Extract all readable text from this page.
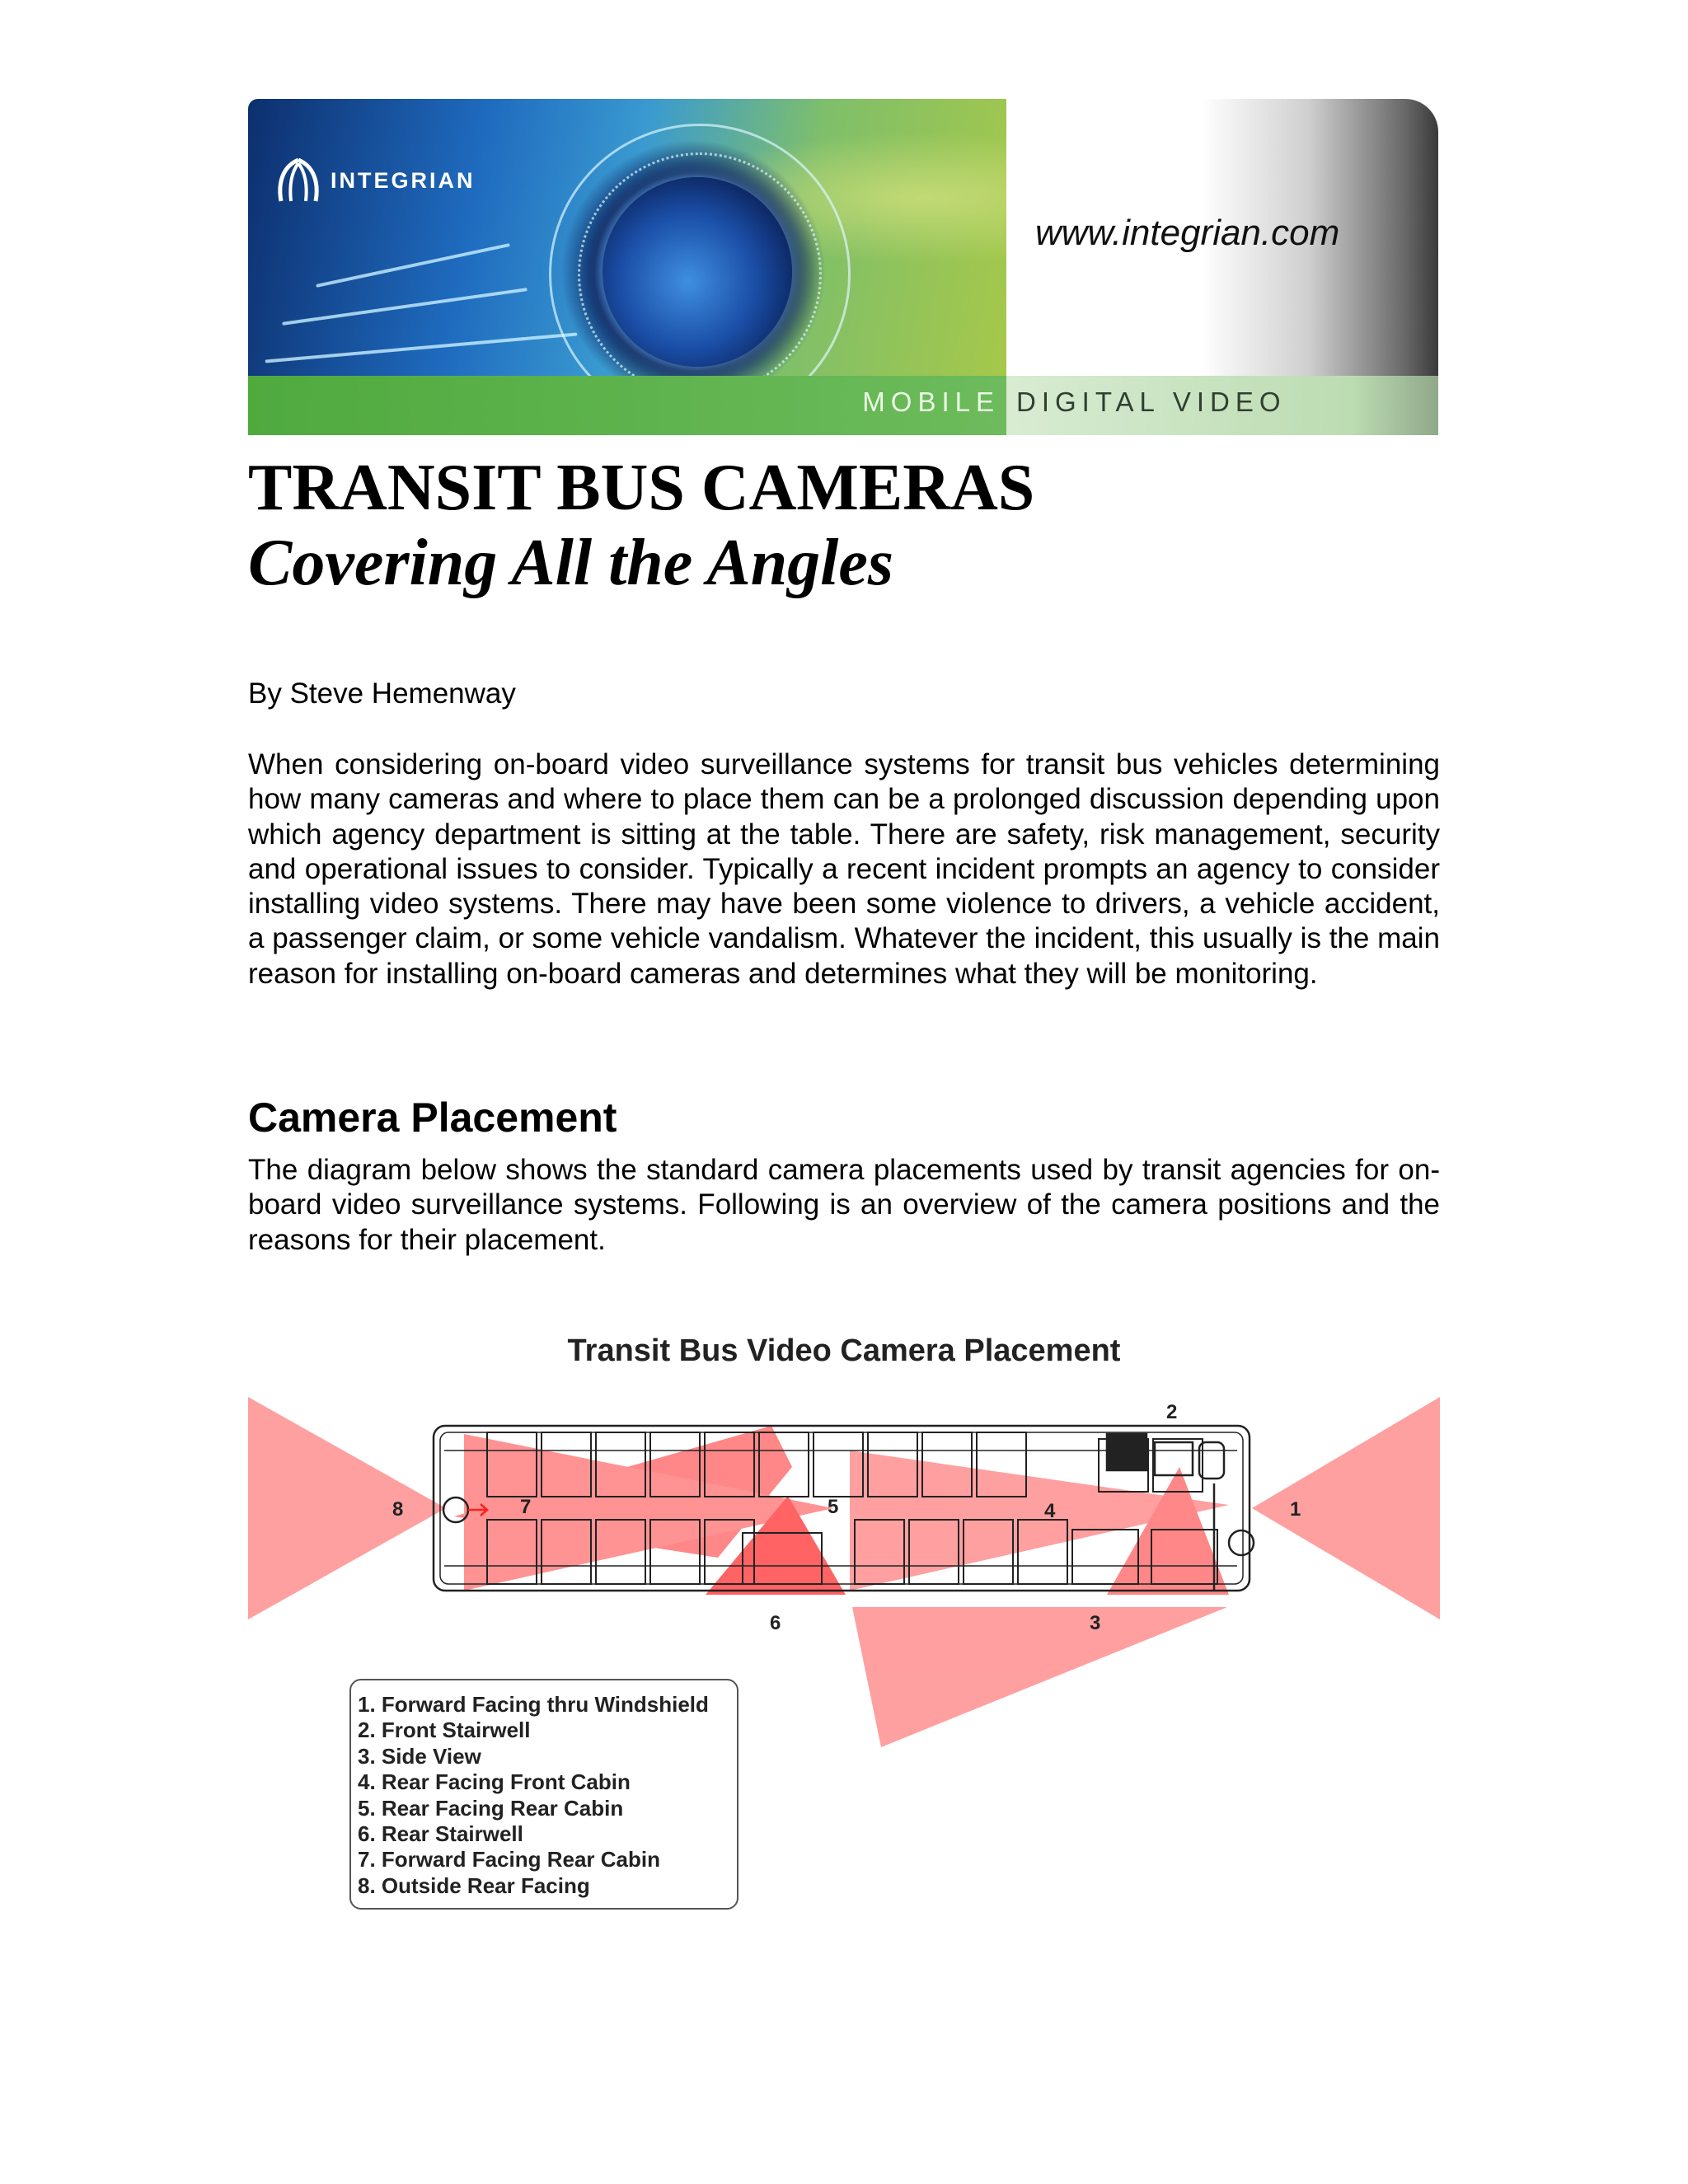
INTEGRIAN
www.integrian.com
MOBILE DIGITAL VIDEO
TRANSIT BUS CAMERAS
Covering All the Angles

By Steve Hemenway

When considering on-board video surveillance systems for transit bus vehicles determining how many cameras and where to place them can be a prolonged discussion depending upon which agency department is sitting at the table. There are safety, risk management, security and operational issues to consider. Typically a recent incident prompts an agency to consider installing video systems. There may have been some violence to drivers, a vehicle accident, a passenger claim, or some vehicle vandalism. Whatever the incident, this usually is the main reason for installing on-board cameras and determines what they will be monitoring.

Camera Placement

The diagram below shows the standard camera placements used by transit agencies for on-board video surveillance systems. Following is an overview of the camera positions and the reasons for their placement.

Transit Bus Video Camera Placement
1
2
3
4
5
6
7
8
1. Forward Facing thru Windshield
2. Front Stairwell
3. Side View
4. Rear Facing Front Cabin
5. Rear Facing Rear Cabin
6. Rear Stairwell
7. Forward Facing Rear Cabin
8. Outside Rear Facing
